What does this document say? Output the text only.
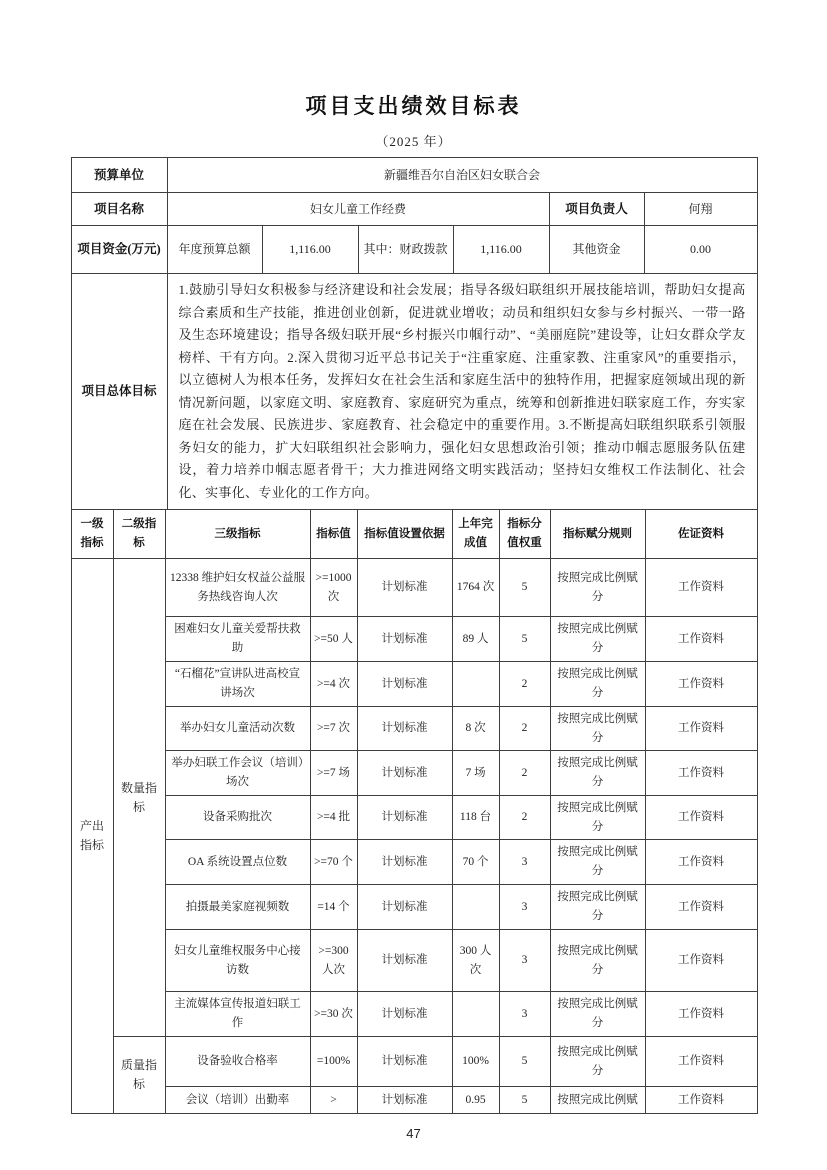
项目支出绩效目标表
（2025 年）
预算单位	新疆维吾尔自治区妇女联合会					
项目名称	妇女儿童工作经费				项目负责人	何翔
项目资金(万元)	年度预算总额	1,116.00	其中：财政拨款	1,116.00	其他资金	0.00
项目总体目标	1.鼓励引导妇女积极参与经济建设和社会发展；指导各级妇联组织开展技能培训，帮助妇女提高综合素质和生产技能，推进创业创新，促进就业增收；动员和组织妇女参与乡村振兴、一带一路及生态环境建设；指导各级妇联开展“乡村振兴巾帼行动”、“美丽庭院”建设等，让妇女群众学友榜样、干有方向。2.深入贯彻习近平总书记关于“注重家庭、注重家教、注重家风”的重要指示，以立德树人为根本任务，发挥妇女在社会生活和家庭生活中的独特作用，把握家庭领域出现的新情况新问题，以家庭文明、家庭教育、家庭研究为重点，统筹和创新推进妇联家庭工作，夯实家庭在社会发展、民族进步、家庭教育、社会稳定中的重要作用。3.不断提高妇联组织联系引领服务妇女的能力，扩大妇联组织社会影响力，强化妇女思想政治引领；推动巾帼志愿服务队伍建设，着力培养巾帼志愿者骨干；大力推进网络文明实践活动；坚持妇女维权工作法制化、社会化、实事化、专业化的工作方向。					
一级指标	二级指标	三级指标	指标值	指标值设置依据	上年完成值	指标分值权重	指标赋分规则	佐证资料
产出指标	数量指标	12338 维护妇女权益公益服务热线咨询人次	>=1000 次	计划标准	1764 次	5	按照完成比例赋分	工作资料
		困难妇女儿童关爱帮扶救助	>=50 人	计划标准	89 人	5	按照完成比例赋分	工作资料
		“石榴花”宣讲队进高校宣讲场次	>=4 次	计划标准		2	按照完成比例赋分	工作资料
		举办妇女儿童活动次数	>=7 次	计划标准	8 次	2	按照完成比例赋分	工作资料
		举办妇联工作会议（培训）场次	>=7 场	计划标准	7 场	2	按照完成比例赋分	工作资料
		设备采购批次	>=4 批	计划标准	118 台	2	按照完成比例赋分	工作资料
		OA 系统设置点位数	>=70 个	计划标准	70 个	3	按照完成比例赋分	工作资料
		拍摄最美家庭视频数	=14 个	计划标准		3	按照完成比例赋分	工作资料
		妇女儿童维权服务中心接访数	>=300 人次	计划标准	300 人次	3	按照完成比例赋分	工作资料
		主流媒体宣传报道妇联工作	>=30 次	计划标准		3	按照完成比例赋分	工作资料
	质量指标	设备验收合格率	=100%	计划标准	100%	5	按照完成比例赋分	工作资料
		会议（培训）出勤率	>	计划标准	0.95	5	按照完成比例赋	工作资料
47
